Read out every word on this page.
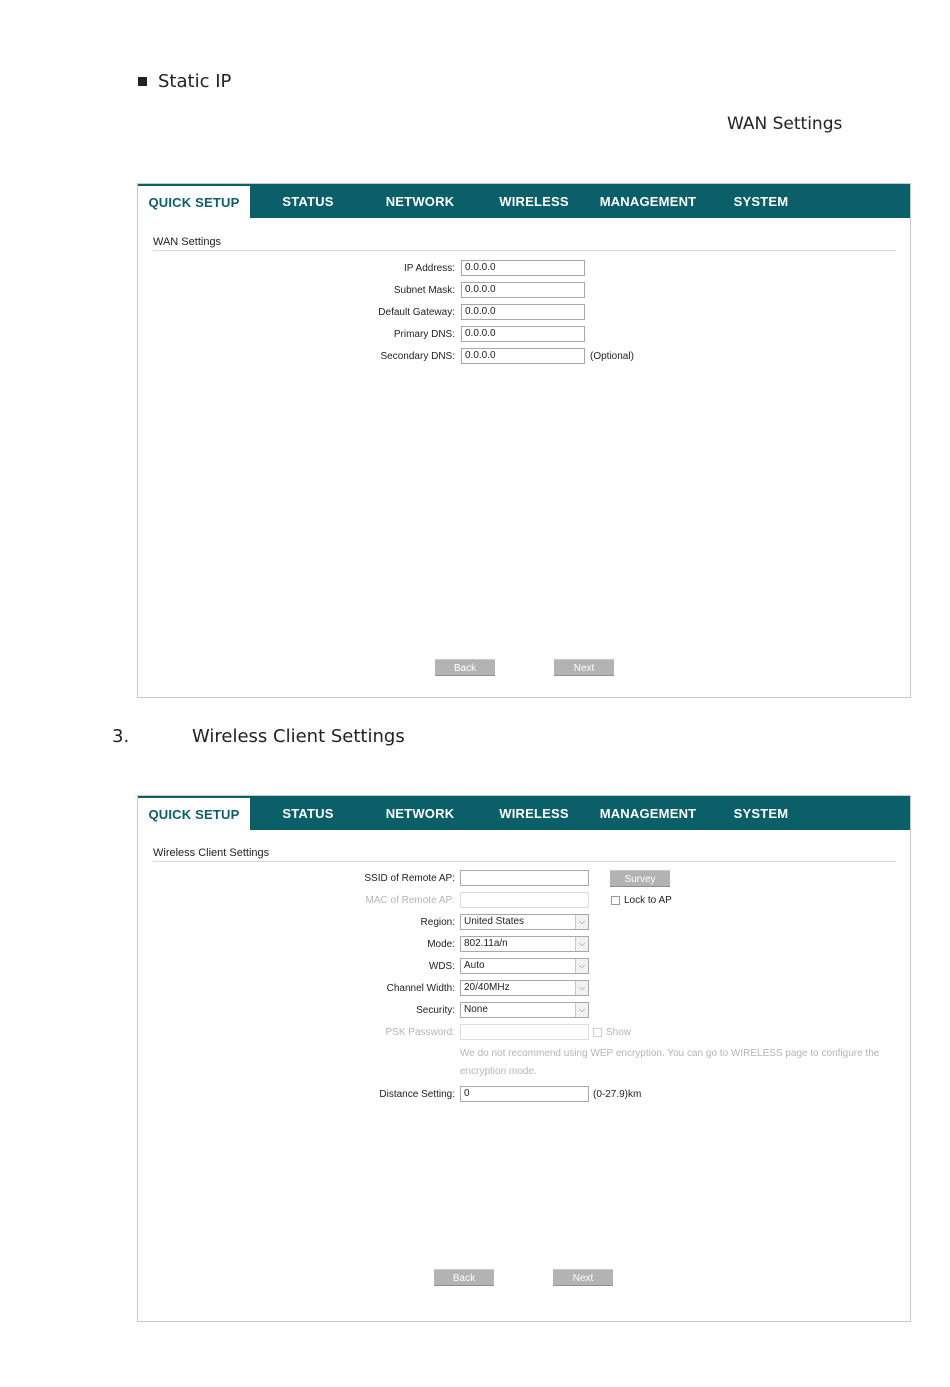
Static IP
WAN Settings
QUICK SETUP	STATUS	NETWORK	WIRELESS	MANAGEMENT	SYSTEM
WAN Settings
IP Address:	0.0.0.0
Subnet Mask:	0.0.0.0
Default Gateway:	0.0.0.0
Primary DNS:	0.0.0.0
Secondary DNS:	0.0.0.0	(Optional)
Back	Next
3.	Wireless Client Settings
QUICK SETUP	STATUS	NETWORK	WIRELESS	MANAGEMENT	SYSTEM
Wireless Client Settings
SSID of Remote AP:	Survey
MAC of Remote AP:	Lock to AP
Region: United States	⌵
Mode: 802.11a/n	⌵
WDS: Auto	⌵
Channel Width: 20/40MHz	⌵
Security: None	⌵
PSK Password:	Show
We do not recommend using WEP encryption. You can go to WIRELESS page to configure the encryption mode.
Distance Setting: 0	(0-27.9)km
Back	Next
